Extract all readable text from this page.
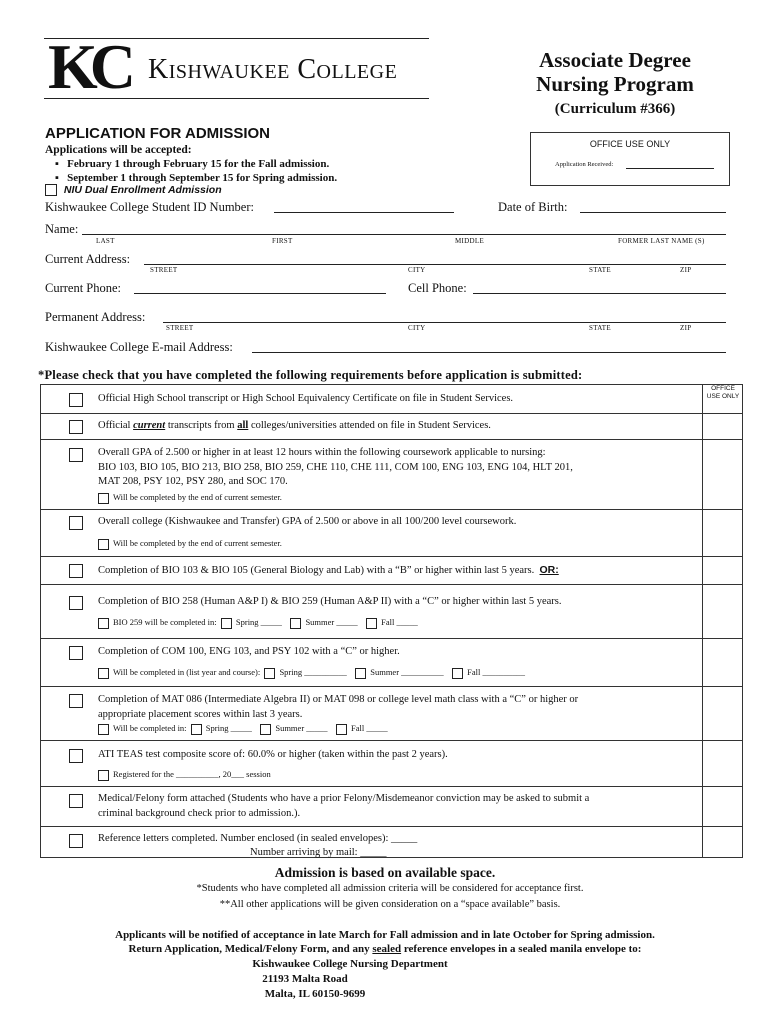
KC Kishwaukee College	Associate Degree
Nursing Program
(Curriculum #366)
APPLICATION FOR ADMISSION
Applications will be accepted:
▪   February 1 through February 15 for the Fall admission.
▪   September 1 through September 15 for Spring admission.
NIU Dual Enrollment Admission
OFFICE USE ONLY
Application Received:
Kishwaukee College Student ID Number:	Date of Birth:
Name:
LAST	FIRST	MIDDLE	FORMER LAST NAME (S)
Current Address:
STREET	CITY	STATE	ZIP
Current Phone:	Cell Phone:
Permanent Address:
STREET	CITY	STATE	ZIP
Kishwaukee College E-mail Address:
*Please check that you have completed the following requirements before application is submitted:
OFFICE USE ONLY
Official High School transcript or High School Equivalency Certificate on file in Student Services.
Official current transcripts from all colleges/universities attended on file in Student Services.
Overall GPA of 2.500 or higher in at least 12 hours within the following coursework applicable to nursing:
BIO 103, BIO 105, BIO 213, BIO 258, BIO 259, CHE 110, CHE 111, COM 100, ENG 103, ENG 104, HLT 201,
MAT 208, PSY 102, PSY 280, and SOC 170.
Will be completed by the end of current semester.
Overall college (Kishwaukee and Transfer) GPA of 2.500 or above in all 100/200 level coursework.
Will be completed by the end of current semester.
Completion of BIO 103 & BIO 105 (General Biology and Lab) with a “B” or higher within last 5 years. OR:
Completion of BIO 258 (Human A&P I) & BIO 259 (Human A&P II) with a “C” or higher within last 5 years.
BIO 259 will be completed in: Spring _____	Summer _____	Fall _____
Completion of COM 100, ENG 103, and PSY 102 with a “C” or higher.
Will be completed in (list year and course): Spring __________	Summer __________	Fall __________
Completion of MAT 086 (Intermediate Algebra II) or MAT 098 or college level math class with a “C” or higher or
appropriate placement scores within last 3 years.
Will be completed in: Spring _____	Summer _____	Fall _____
ATI TEAS test composite score of: 60.0% or higher (taken within the past 2 years).
Registered for the __________, 20___ session
Medical/Felony form attached (Students who have a prior Felony/Misdemeanor conviction may be asked to submit a
criminal background check prior to admission.).
Reference letters completed. Number enclosed (in sealed envelopes): _____
Number arriving by mail: _____
Admission is based on available space.
*Students who have completed all admission criteria will be considered for acceptance first.
**All other applications will be given consideration on a “space available” basis.
Applicants will be notified of acceptance in late March for Fall admission and in late October for Spring admission.
Return Application, Medical/Felony Form, and any sealed reference envelopes in a sealed manila envelope to:
Kishwaukee College Nursing Department
21193 Malta Road
Malta, IL 60150-9699
